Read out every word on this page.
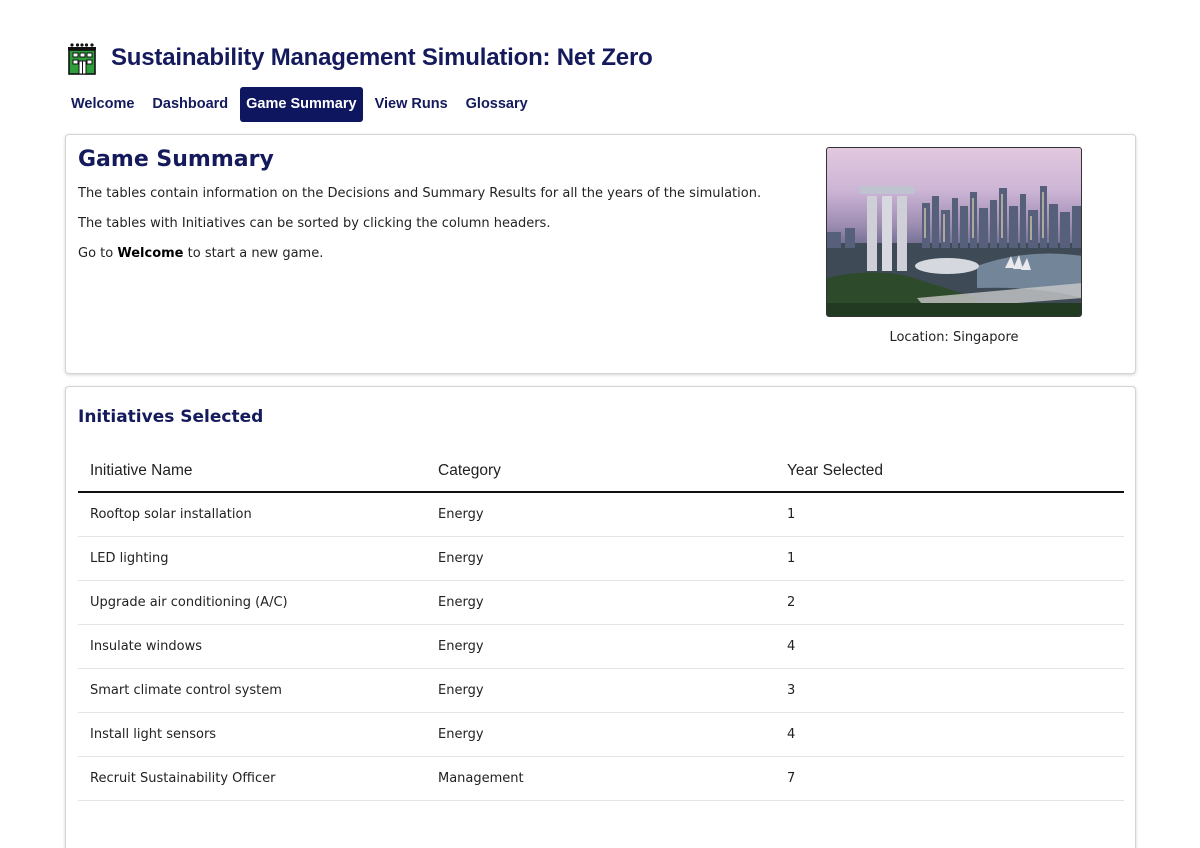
Sustainability Management Simulation: Net Zero
Welcome	Dashboard	Game Summary	View Runs	Glossary
Game Summary
The tables contain information on the Decisions and Summary Results for all the years of the simulation.
The tables with Initiatives can be sorted by clicking the column headers.
Go to Welcome to start a new game.
Location: Singapore
Initiatives Selected
Initiative Name	Category	Year Selected
Rooftop solar installation	Energy	1
LED lighting	Energy	1
Upgrade air conditioning (A/C)	Energy	2
Insulate windows	Energy	4
Smart climate control system	Energy	3
Install light sensors	Energy	4
Recruit Sustainability Officer	Management	7
